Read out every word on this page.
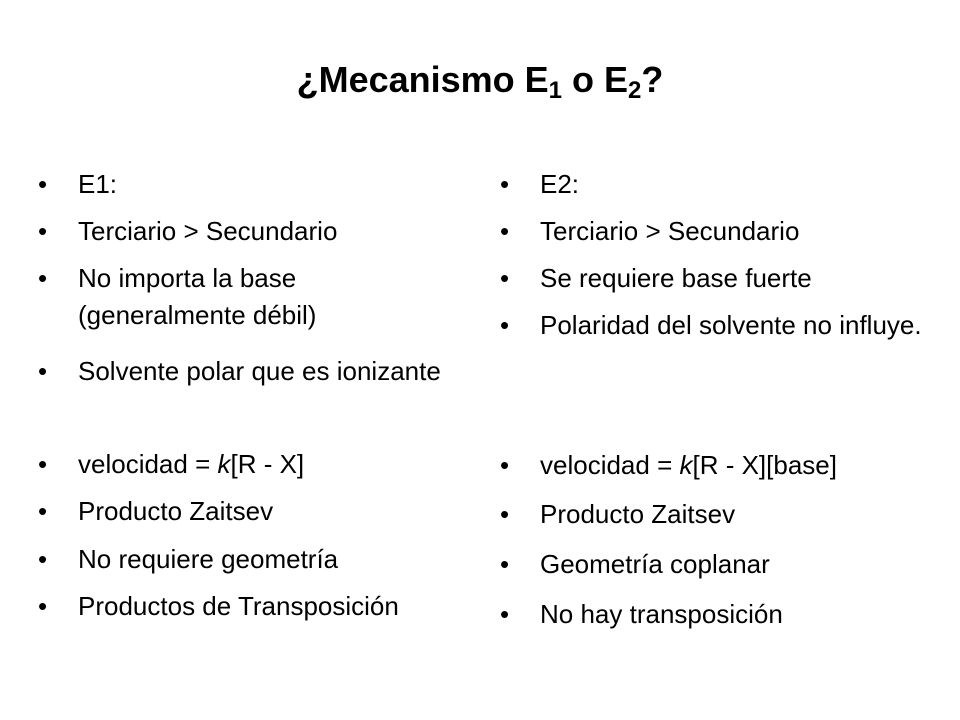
¿Mecanismo $E_1$ o $E_2$?
•	E1:
•	Terciario > Secundario
•	No importa la base (generalmente débil)
•	Solvente polar que es ionizante
•	velocidad = k[R - X]
•	Producto Zaitsev
•	No requiere geometría
•	Productos de Transposición
•	E2:
•	Terciario > Secundario
•	Se requiere base fuerte
•	Polaridad del solvente no influye.
•	velocidad = k[R - X][base]
•	Producto Zaitsev
•	Geometría coplanar
•	No hay transposición
